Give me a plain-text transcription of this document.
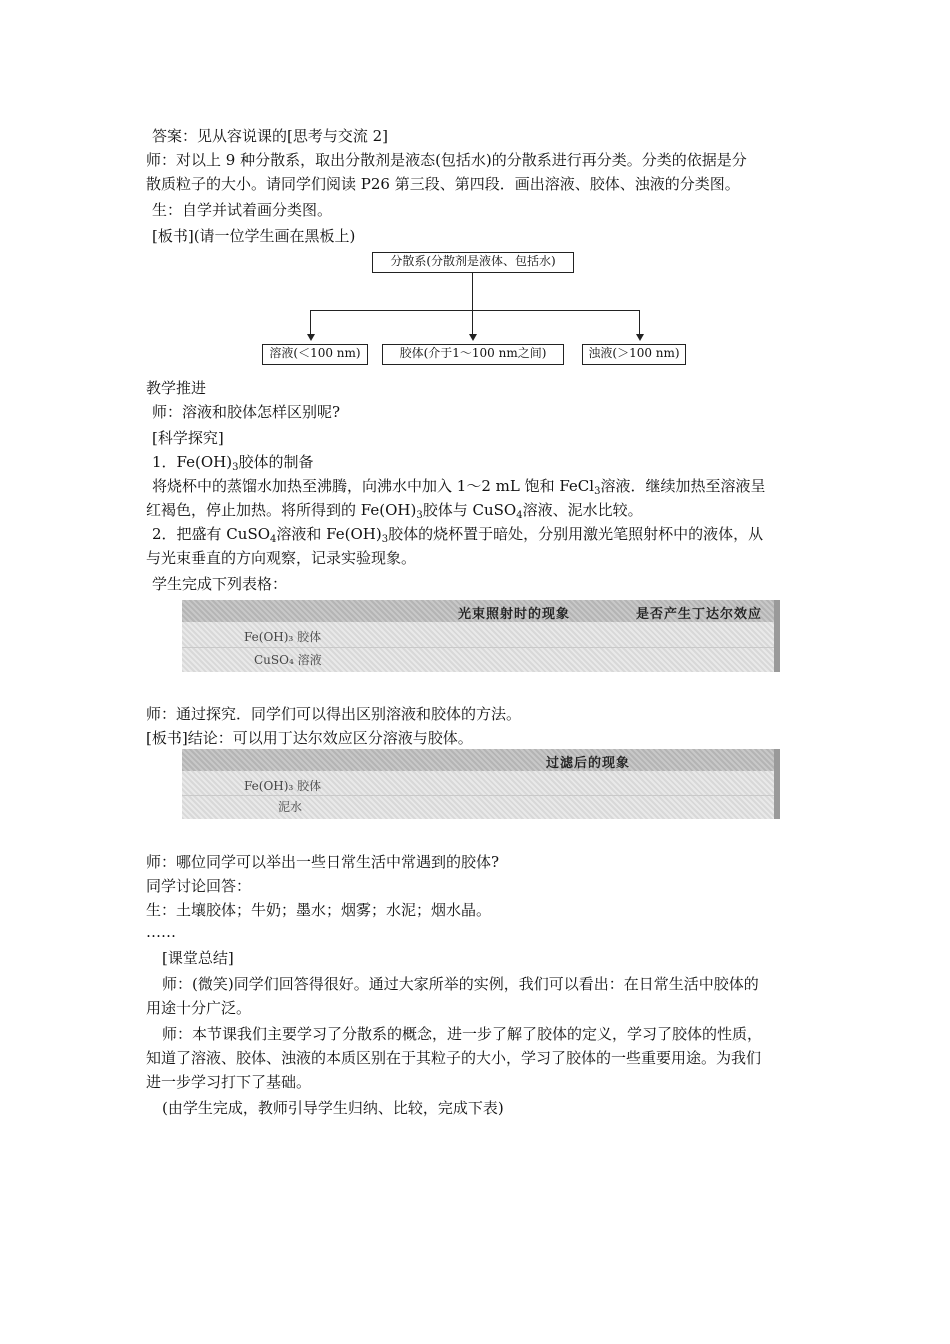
答案：见从容说课的[思考与交流 2]
师：对以上 9 种分散系，取出分散剂是液态(包括水)的分散系进行再分类。分类的依据是分
散质粒子的大小。请同学们阅读 P26 第三段、第四段．画出溶液、胶体、浊液的分类图。
生：自学并试着画分类图。
[板书](请一位学生画在黑板上)
分散系(分散剂是液体、包括水)
溶液(＜100 nm)	胶体(介于1～100 nm之间)	浊液(＞100 nm)
教学推进
师：溶液和胶体怎样区别呢?
[科学探究]
1．$Fe(OH)_3$胶体的制备
将烧杯中的蒸馏水加热至沸腾，向沸水中加入 1～2 mL 饱和 FeCl$_3$溶液．继续加热至溶液呈
红褐色，停止加热。将所得到的 $Fe(OH)_3$胶体与 CuSO$_4$溶液、泥水比较。
2．把盛有 CuSO$_4$溶液和 $Fe(OH)_3$胶体的烧杯置于暗处，分别用激光笔照射杯中的液体，从
与光束垂直的方向观察，记录实验现象。
学生完成下列表格：
光束照射时的现象	是否产生丁达尔效应
Fe(OH)₃ 胶体
CuSO₄ 溶液
师：通过探究．同学们可以得出区别溶液和胶体的方法。
[板书]结论：可以用丁达尔效应区分溶液与胶体。
过滤后的现象
Fe(OH)₃ 胶体
泥水
师：哪位同学可以举出一些日常生活中常遇到的胶体?
同学讨论回答：
生：土壤胶体；牛奶；墨水；烟雾；水泥；烟水晶。
……
[课堂总结]
师：(微笑)同学们回答得很好。通过大家所举的实例，我们可以看出：在日常生活中胶体的
用途十分广泛。
师：本节课我们主要学习了分散系的概念，进一步了解了胶体的定义，学习了胶体的性质，
知道了溶液、胶体、浊液的本质区别在于其粒子的大小，学习了胶体的一些重要用途。为我们
进一步学习打下了基础。
(由学生完成，教师引导学生归纳、比较，完成下表)
